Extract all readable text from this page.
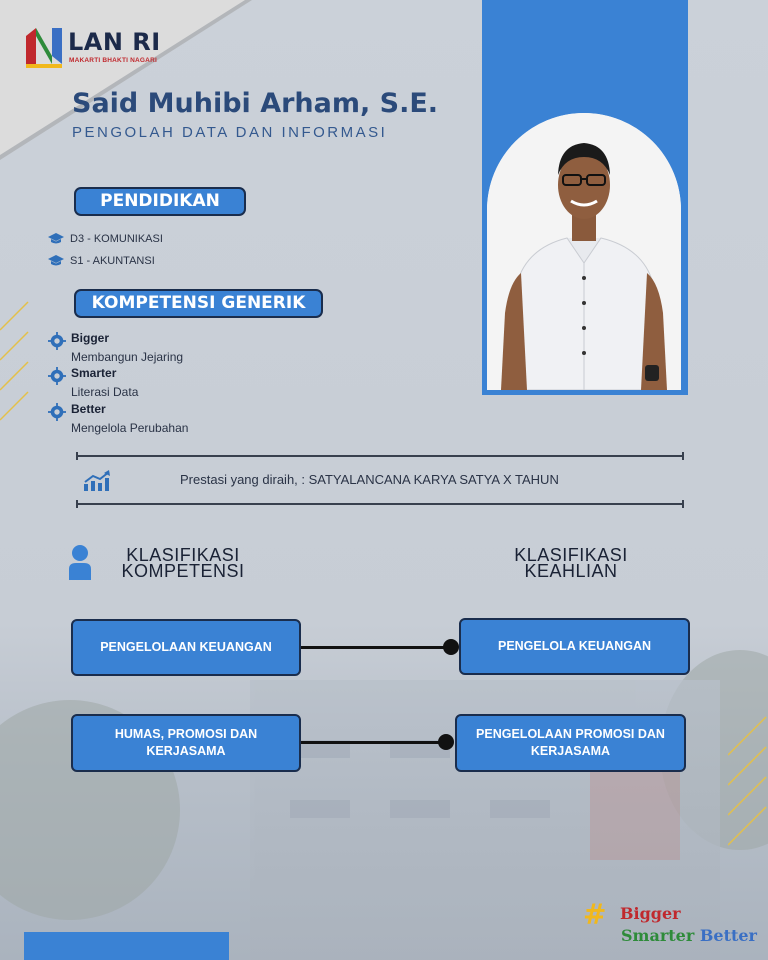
LAN RI
MAKARTI BHAKTI NAGARI
Said Muhibi Arham, S.E.
PENGOLAH DATA DAN INFORMASI
PENDIDIKAN
D3 - KOMUNIKASI
S1 - AKUNTANSI
KOMPETENSI GENERIK
Bigger
Membangun Jejaring
Smarter
Literasi Data
Better
Mengelola Perubahan
Prestasi yang diraih, : SATYALANCANA KARYA SATYA X TAHUN
KLASIFIKASI
KOMPETENSI
KLASIFIKASI
KEAHLIAN
PENGELOLAAN KEUANGAN	PENGELOLA KEUANGAN
HUMAS, PROMOSI DAN KERJASAMA
PENGELOLAAN PROMOSI DAN KERJASAMA
# Bigger
Smarter Better
